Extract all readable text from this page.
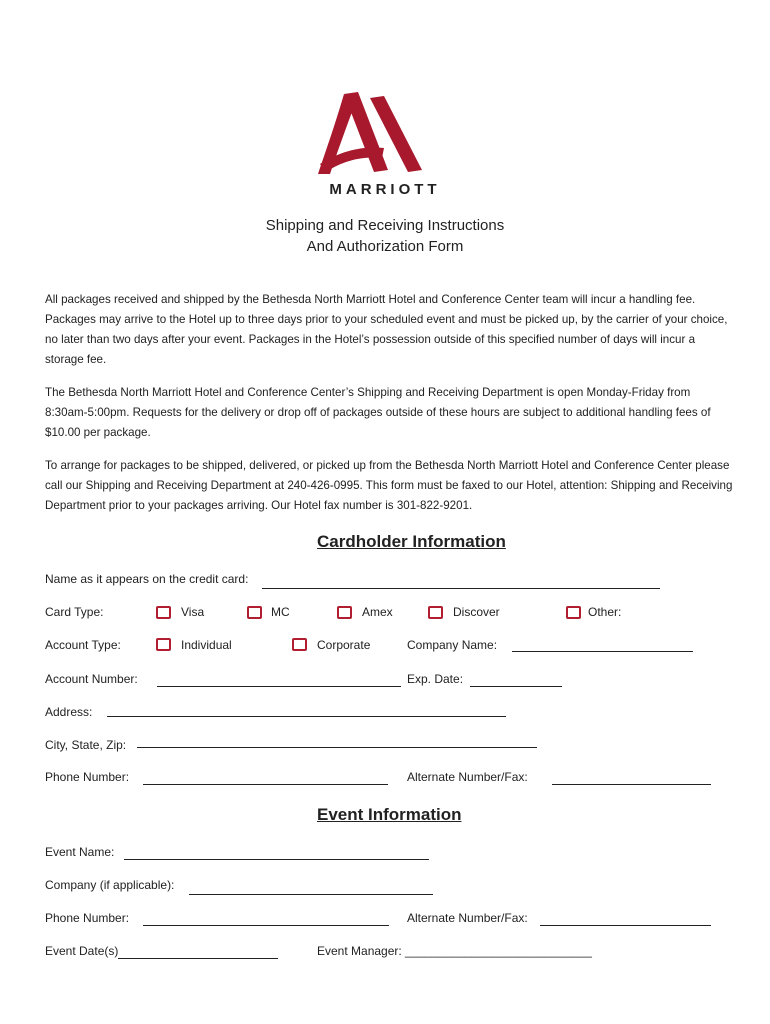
MARRIOTT
Shipping and Receiving Instructions
And Authorization Form
All packages received and shipped by the Bethesda North Marriott Hotel and Conference Center team will incur a handling fee. Packages may arrive to the Hotel up to three days prior to your scheduled event and must be picked up, by the carrier of your choice, no later than two days after your event. Packages in the Hotel’s possession outside of this specified number of days will incur a storage fee.
The Bethesda North Marriott Hotel and Conference Center’s Shipping and Receiving Department is open Monday-Friday from 8:30am-5:00pm. Requests for the delivery or drop off of packages outside of these hours are subject to additional handling fees of $10.00 per package.
To arrange for packages to be shipped, delivered, or picked up from the Bethesda North Marriott Hotel and Conference Center please call our Shipping and Receiving Department at 240-426-0995. This form must be faxed to our Hotel, attention: Shipping and Receiving Department prior to your packages arriving. Our Hotel fax number is 301-822-9201.
Cardholder Information
Name as it appears on the credit card:
Card Type:	Visa	MC	Amex	Discover	Other:
Account Type:	Individual	Corporate	Company Name:
Account Number:	Exp. Date:
Address:
City, State, Zip:
Phone Number:	Alternate Number/Fax:
Event Information
Event Name:
Company (if applicable):
Phone Number:	Alternate Number/Fax:
Event Date(s)	Event Manager: ____________________________
